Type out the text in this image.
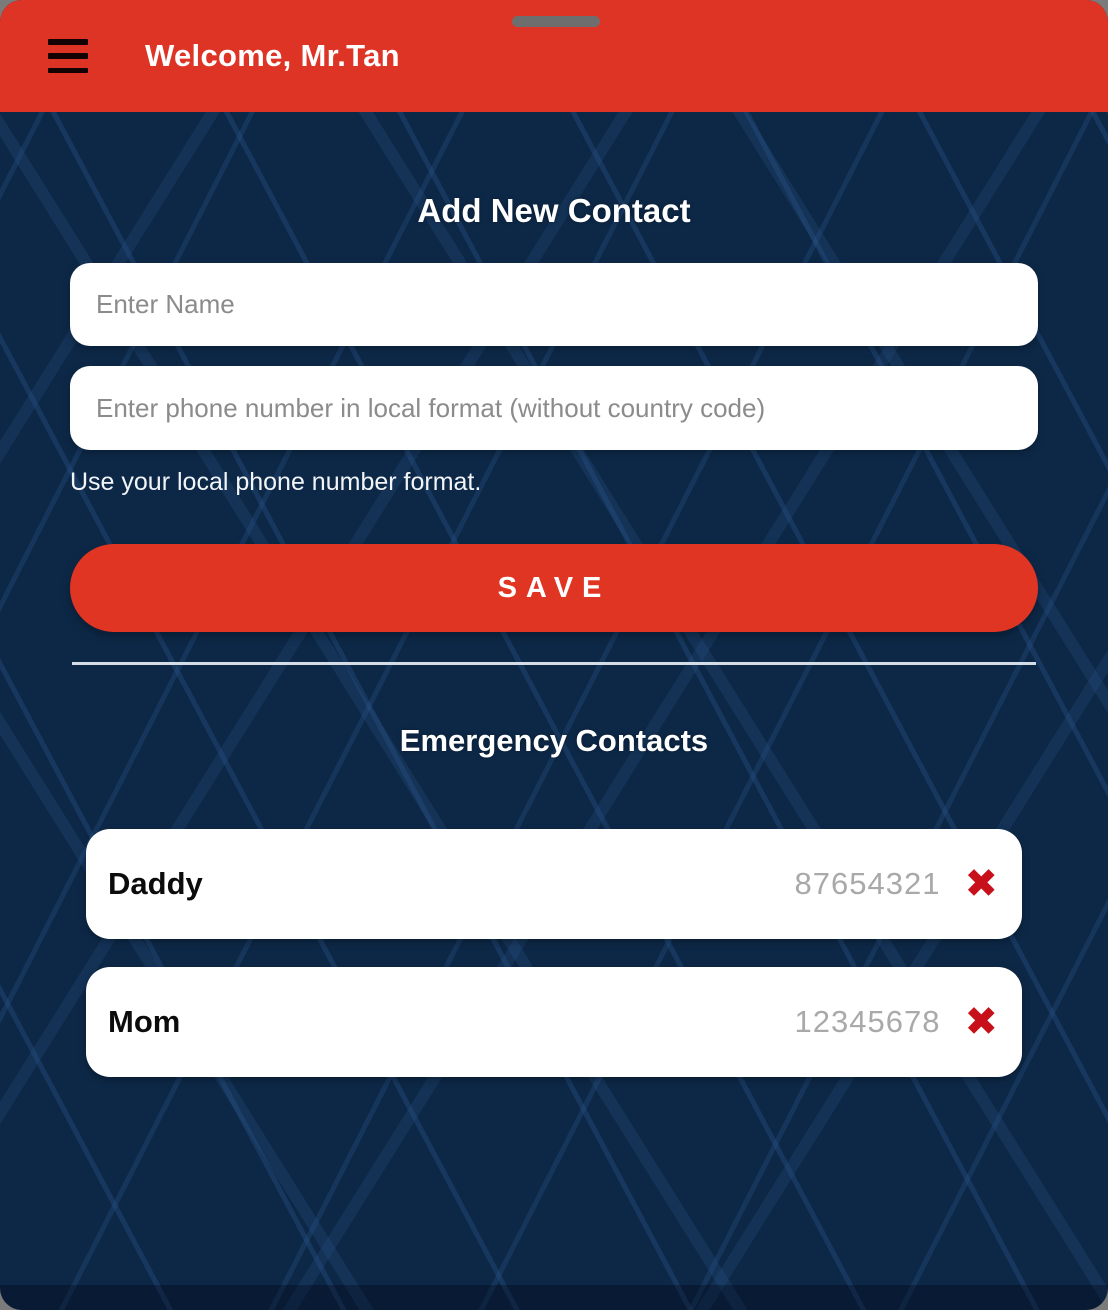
Welcome, Mr.Tan
Add New Contact
Enter Name
Enter phone number in local format (without country code)
Use your local phone number format.
SAVE
Emergency Contacts
Daddy	87654321 ✖
Mom	12345678 ✖
